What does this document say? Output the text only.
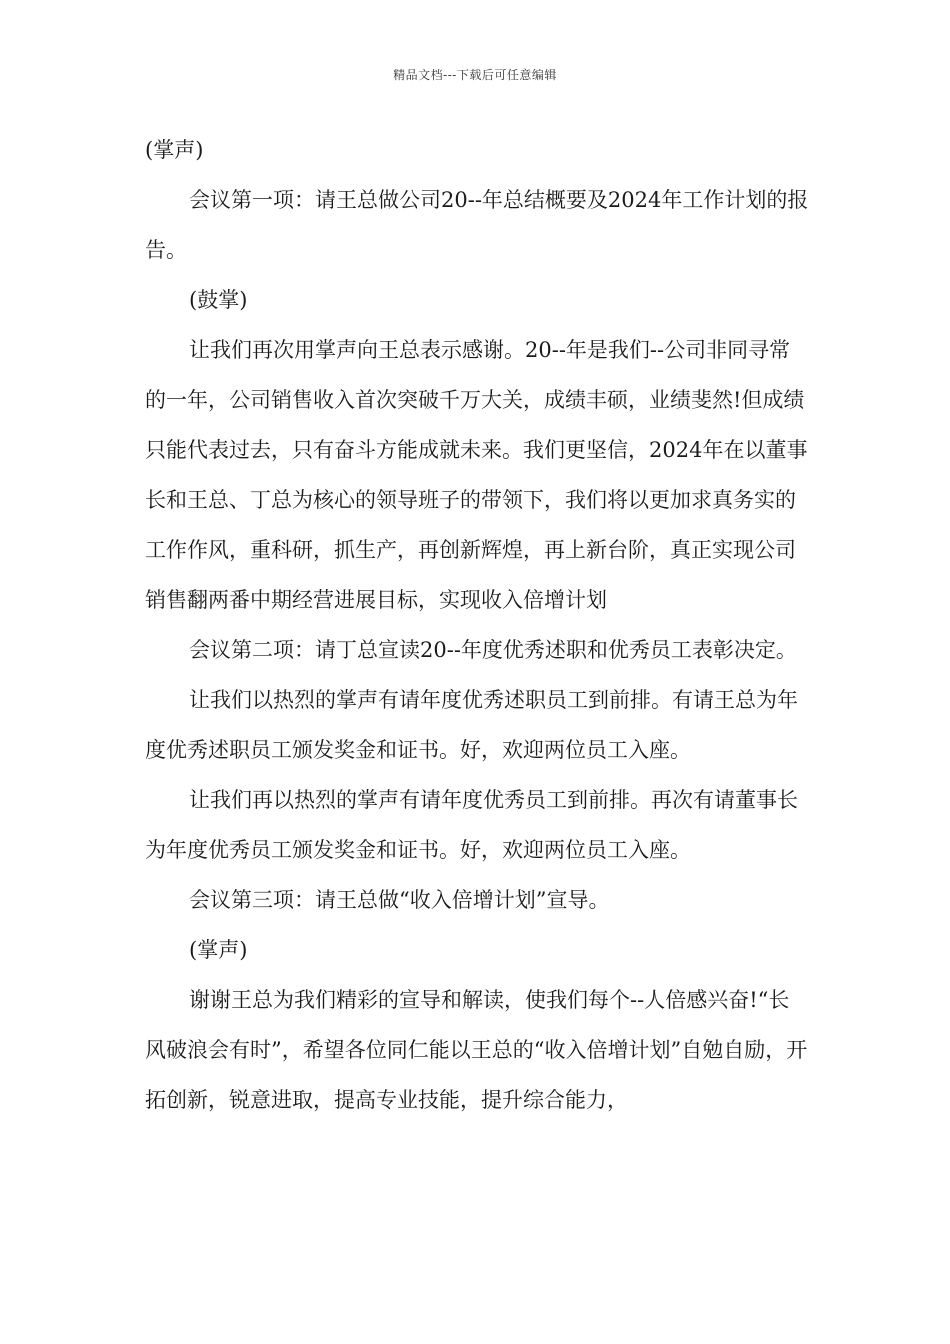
精品文档---下载后可任意编辑

(掌声)

会议第一项：请王总做公司20--年总结概要及2024年工作计划的报告。

(鼓掌)

让我们再次用掌声向王总表示感谢。20--年是我们--公司非同寻常的一年，公司销售收入首次突破千万大关，成绩丰硕，业绩斐然!但成绩只能代表过去，只有奋斗方能成就未来。我们更坚信，2024年在以董事长和王总、丁总为核心的领导班子的带领下，我们将以更加求真务实的工作作风，重科研，抓生产，再创新辉煌，再上新台阶，真正实现公司销售翻两番中期经营进展目标，实现收入倍增计划

会议第二项：请丁总宣读20--年度优秀述职和优秀员工表彰决定。

让我们以热烈的掌声有请年度优秀述职员工到前排。有请王总为年度优秀述职员工颁发奖金和证书。好，欢迎两位员工入座。

让我们再以热烈的掌声有请年度优秀员工到前排。再次有请董事长为年度优秀员工颁发奖金和证书。好，欢迎两位员工入座。

会议第三项：请王总做“收入倍增计划”宣导。

(掌声)

谢谢王总为我们精彩的宣导和解读，使我们每个--人倍感兴奋!“长风破浪会有时”，希望各位同仁能以王总的“收入倍增计划”自勉自励，开拓创新，锐意进取，提高专业技能，提升综合能力，
